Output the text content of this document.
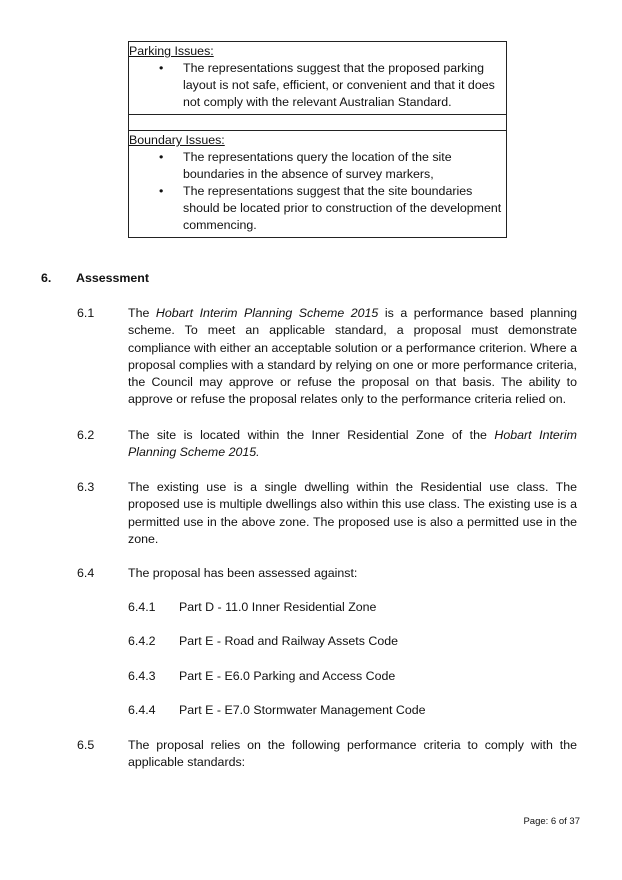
Parking Issues:
• The representations suggest that the proposed parking layout is not safe, efficient, or convenient and that it does not comply with the relevant Australian Standard.
Boundary Issues:
• The representations query the location of the site boundaries in the absence of survey markers,
• The representations suggest that the site boundaries should be located prior to construction of the development commencing.
6. Assessment
6.1	The Hobart Interim Planning Scheme 2015 is a performance based planning scheme. To meet an applicable standard, a proposal must demonstrate compliance with either an acceptable solution or a performance criterion. Where a proposal complies with a standard by relying on one or more performance criteria, the Council may approve or refuse the proposal on that basis. The ability to approve or refuse the proposal relates only to the performance criteria relied on.
6.2	The site is located within the Inner Residential Zone of the Hobart Interim Planning Scheme 2015.
6.3	The existing use is a single dwelling within the Residential use class. The proposed use is multiple dwellings also within this use class. The existing use is a permitted use in the above zone. The proposed use is also a permitted use in the zone.
6.4	The proposal has been assessed against:
6.4.1 Part D - 11.0 Inner Residential Zone
6.4.2 Part E - Road and Railway Assets Code
6.4.3 Part E - E6.0 Parking and Access Code
6.4.4 Part E - E7.0 Stormwater Management Code
6.5	The proposal relies on the following performance criteria to comply with the applicable standards:
Page: 6 of 37
